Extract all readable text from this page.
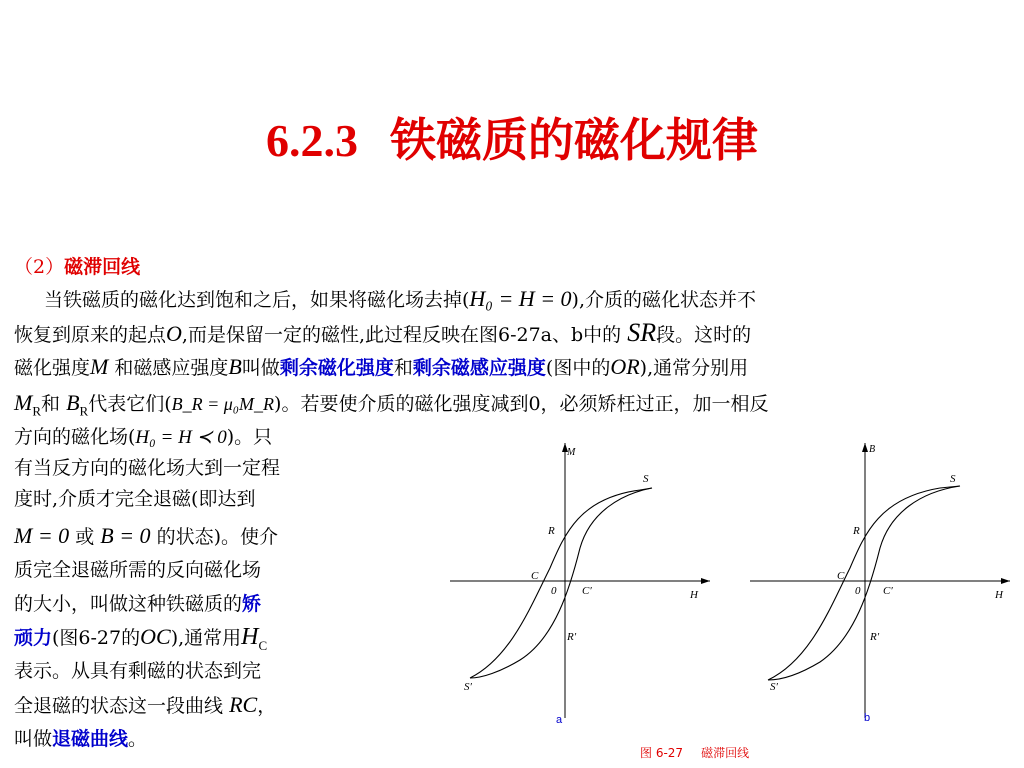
6.2.3 铁磁质的磁化规律
（2）磁滞回线
当铁磁质的磁化达到饱和之后，如果将磁化场去掉(H₀ = H = 0),介质的磁化状态并不
恢复到原来的起点O,而是保留一定的磁性,此过程反映在图6-27a、b中的 SR段。这时的
磁化强度M 和磁感应强度B叫做剩余磁化强度和剩余磁感应强度(图中的OR),通常分别用
$M_R$和 $B_R$代表它们(B_R = μ₀M_R)。若要使介质的磁化强度减到0，必须矫枉过正，加一相反
方向的磁化场(H₀ = H ≺ 0)。只
有当反方向的磁化场大到一定程
度时,介质才完全退磁(即达到
M = 0 或 B = 0 的状态)。使介
质完全退磁所需的反向磁化场
的大小，叫做这种铁磁质的矫
顽力(图6-27的OC),通常用$H_C$
表示。从具有剩磁的状态到完
全退磁的状态这一段曲线 RC，
叫做退磁曲线。
M
H
S
R
C
0 C′
R′
S′
a
B
H
S
R
C
0 C′
R′
S′
b
图 6-27 磁滞回线
